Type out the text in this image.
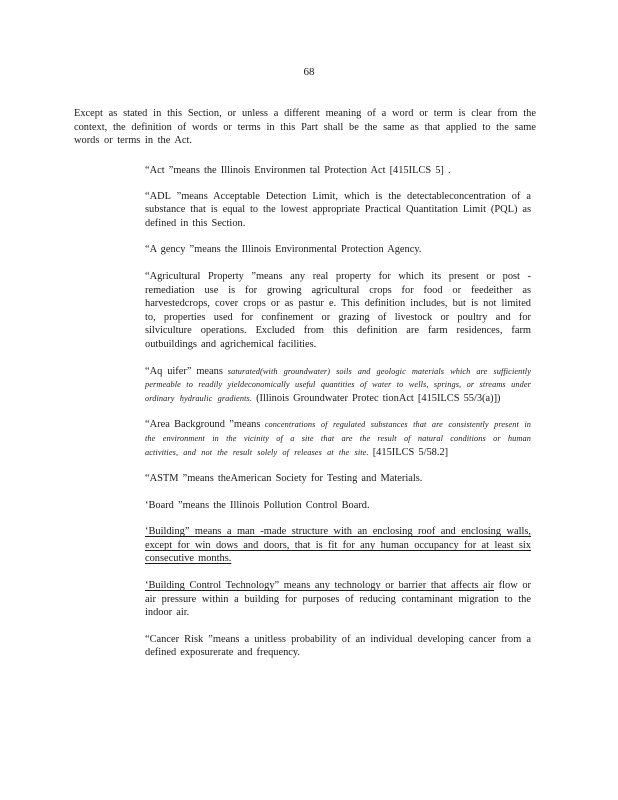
68
Except as stated in this Section, or unless a different meaning of a word or term is clear from the context, the definition of words or terms in this Part shall be the same as that applied to the same words or terms in the Act.

“Act ”means the Illinois Environmen tal Protection Act [415ILCS 5] .

“ADL ”means Acceptable Detection Limit, which is the detectableconcentration of a substance that is equal to the lowest appropriate Practical Quantitation Limit (PQL) as defined in this Section.

“A gency ”means the Illinois Environmental Protection Agency.

“Agricultural Property ”means any real property for which its present or post - remediation use is for growing agricultural crops for food or feedeither as harvestedcrops, cover crops or as pastur e. This definition includes, but is not limited to, properties used for confinement or grazing of livestock or poultry and for silviculture operations. Excluded from this definition are farm residences, farm outbuildings and agrichemical facilities.

“Aq uifer” means saturated(with groundwater) soils and geologic materials which are sufficiently permeable to readily yieldeconomically useful quantities of water to wells, springs, or streams under ordinary hydraulic gradients. (Illinois Groundwater Protec tionAct [415ILCS 55/3(a)])

“Area Background ”means concentrations of regulated substances that are consistently present in the environment in the vicinity of a site that are the result of natural conditions or human activities, and not the result solely of releases at the site. [415ILCS 5/58.2]

“ASTM ”means theAmerican Society for Testing and Materials.

‘Board ”means the Illinois Pollution Control Board.

‘Building” means a man -made structure with an enclosing roof and enclosing walls, except for win dows and doors, that is fit for any human occupancy for at least six consecutive months.

‘Building Control Technology” means any technology or barrier that affects air flow or air pressure within a building for purposes of reducing contaminant migration to the indoor air.

“Cancer Risk ”means a unitless probability of an individual developing cancer from a defined exposurerate and frequency.
